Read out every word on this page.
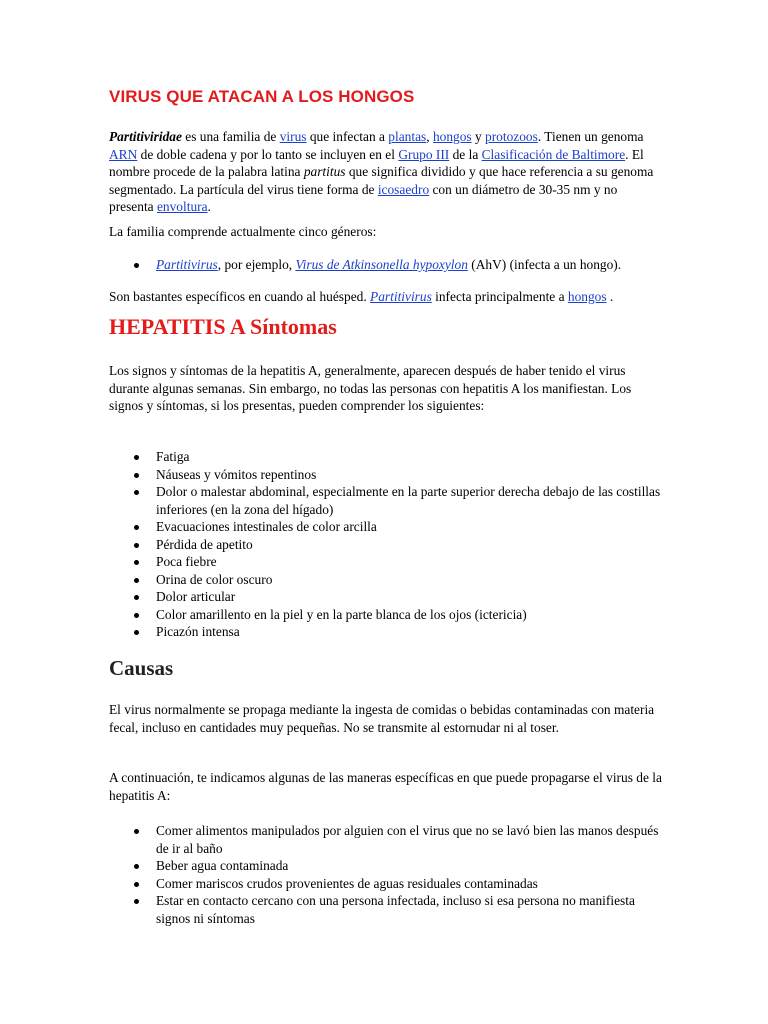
VIRUS QUE ATACAN A LOS HONGOS

Partitiviridae es una familia de virus que infectan a plantas, hongos y protozoos. Tienen un genoma ARN de doble cadena y por lo tanto se incluyen en el Grupo III de la Clasificación de Baltimore. El nombre procede de la palabra latina partitus que significa dividido y que hace referencia a su genoma segmentado. La partícula del virus tiene forma de icosaedro con un diámetro de 30-35 nm y no presenta envoltura.

La familia comprende actualmente cinco géneros:

Partitivirus, por ejemplo, Virus de Atkinsonella hypoxylon (AhV) (infecta a un hongo).

Son bastantes específicos en cuando al huésped. Partitivirus infecta principalmente a hongos .

HEPATITIS A Síntomas

Los signos y síntomas de la hepatitis A, generalmente, aparecen después de haber tenido el virus durante algunas semanas. Sin embargo, no todas las personas con hepatitis A los manifiestan. Los signos y síntomas, si los presentas, pueden comprender los siguientes:

Fatiga
Náuseas y vómitos repentinos
Dolor o malestar abdominal, especialmente en la parte superior derecha debajo de las costillas inferiores (en la zona del hígado)
Evacuaciones intestinales de color arcilla
Pérdida de apetito
Poca fiebre
Orina de color oscuro
Dolor articular
Color amarillento en la piel y en la parte blanca de los ojos (ictericia)
Picazón intensa
Causas

El virus normalmente se propaga mediante la ingesta de comidas o bebidas contaminadas con materia fecal, incluso en cantidades muy pequeñas. No se transmite al estornudar ni al toser.

A continuación, te indicamos algunas de las maneras específicas en que puede propagarse el virus de la hepatitis A:

Comer alimentos manipulados por alguien con el virus que no se lavó bien las manos después de ir al baño
Beber agua contaminada
Comer mariscos crudos provenientes de aguas residuales contaminadas
Estar en contacto cercano con una persona infectada, incluso si esa persona no manifiesta signos ni síntomas
